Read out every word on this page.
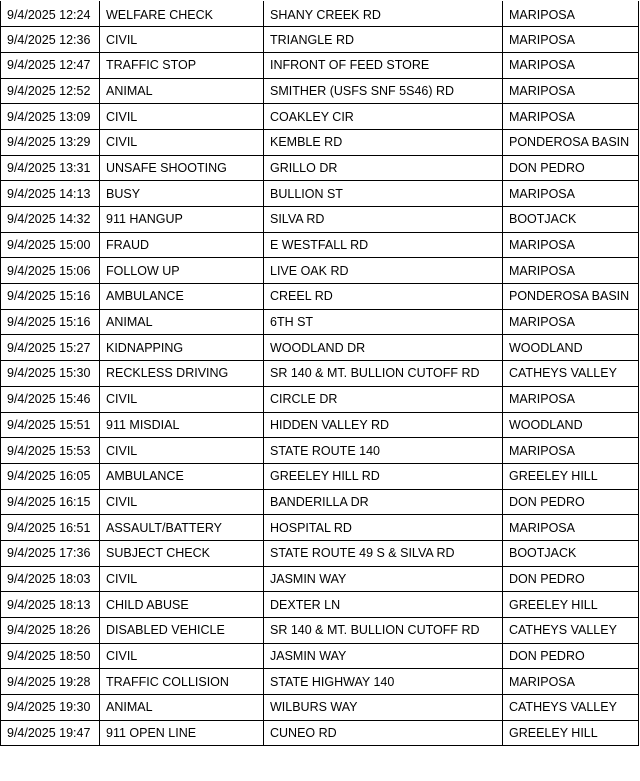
9/4/2025 12:24	WELFARE CHECK	SHANY CREEK RD	MARIPOSA
9/4/2025 12:36	CIVIL	TRIANGLE RD	MARIPOSA
9/4/2025 12:47	TRAFFIC STOP	INFRONT OF FEED STORE	MARIPOSA
9/4/2025 12:52	ANIMAL	SMITHER (USFS SNF 5S46) RD	MARIPOSA
9/4/2025 13:09	CIVIL	COAKLEY CIR	MARIPOSA
9/4/2025 13:29	CIVIL	KEMBLE RD	PONDEROSA BASIN
9/4/2025 13:31	UNSAFE SHOOTING	GRILLO DR	DON PEDRO
9/4/2025 14:13	BUSY	BULLION ST	MARIPOSA
9/4/2025 14:32	911 HANGUP	SILVA RD	BOOTJACK
9/4/2025 15:00	FRAUD	E WESTFALL RD	MARIPOSA
9/4/2025 15:06	FOLLOW UP	LIVE OAK RD	MARIPOSA
9/4/2025 15:16	AMBULANCE	CREEL RD	PONDEROSA BASIN
9/4/2025 15:16	ANIMAL	6TH ST	MARIPOSA
9/4/2025 15:27	KIDNAPPING	WOODLAND DR	WOODLAND
9/4/2025 15:30	RECKLESS DRIVING	SR 140 & MT. BULLION CUTOFF RD	CATHEYS VALLEY
9/4/2025 15:46	CIVIL	CIRCLE DR	MARIPOSA
9/4/2025 15:51	911 MISDIAL	HIDDEN VALLEY RD	WOODLAND
9/4/2025 15:53	CIVIL	STATE ROUTE 140	MARIPOSA
9/4/2025 16:05	AMBULANCE	GREELEY HILL RD	GREELEY HILL
9/4/2025 16:15	CIVIL	BANDERILLA DR	DON PEDRO
9/4/2025 16:51	ASSAULT/BATTERY	HOSPITAL RD	MARIPOSA
9/4/2025 17:36	SUBJECT CHECK	STATE ROUTE 49 S & SILVA RD	BOOTJACK
9/4/2025 18:03	CIVIL	JASMIN WAY	DON PEDRO
9/4/2025 18:13	CHILD ABUSE	DEXTER LN	GREELEY HILL
9/4/2025 18:26	DISABLED VEHICLE	SR 140 & MT. BULLION CUTOFF RD	CATHEYS VALLEY
9/4/2025 18:50	CIVIL	JASMIN WAY	DON PEDRO
9/4/2025 19:28	TRAFFIC COLLISION	STATE HIGHWAY 140	MARIPOSA
9/4/2025 19:30	ANIMAL	WILBURS WAY	CATHEYS VALLEY
9/4/2025 19:47	911 OPEN LINE	CUNEO RD	GREELEY HILL
